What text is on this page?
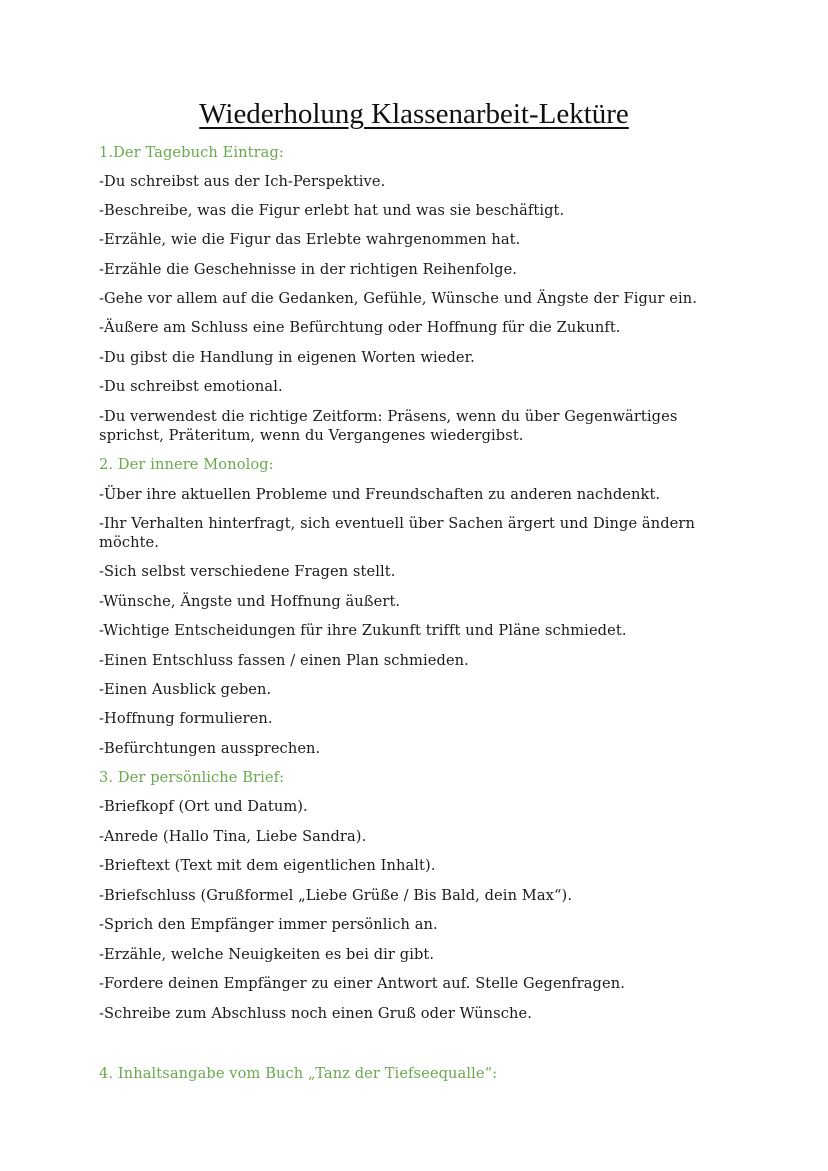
Wiederholung Klassenarbeit-Lektüre

1.Der Tagebuch Eintrag:

-Du schreibst aus der Ich-Perspektive.

-Beschreibe, was die Figur erlebt hat und was sie beschäftigt.

-Erzähle, wie die Figur das Erlebte wahrgenommen hat.

-Erzähle die Geschehnisse in der richtigen Reihenfolge.

-Gehe vor allem auf die Gedanken, Gefühle, Wünsche und Ängste der Figur ein.

-Äußere am Schluss eine Befürchtung oder Hoffnung für die Zukunft.

-Du gibst die Handlung in eigenen Worten wieder.

-Du schreibst emotional.

-Du verwendest die richtige Zeitform: Präsens, wenn du über Gegenwärtiges sprichst, Präteritum, wenn du Vergangenes wiedergibst.

2. Der innere Monolog:

-Über ihre aktuellen Probleme und Freundschaften zu anderen nachdenkt.

-Ihr Verhalten hinterfragt, sich eventuell über Sachen ärgert und Dinge ändern möchte.

-Sich selbst verschiedene Fragen stellt.

-Wünsche, Ängste und Hoffnung äußert.

-Wichtige Entscheidungen für ihre Zukunft trifft und Pläne schmiedet.

-Einen Entschluss fassen / einen Plan schmieden.

-Einen Ausblick geben.

-Hoffnung formulieren.

-Befürchtungen aussprechen.

3. Der persönliche Brief:

-Briefkopf (Ort und Datum).

-Anrede (Hallo Tina, Liebe Sandra).

-Brieftext (Text mit dem eigentlichen Inhalt).

-Briefschluss (Grußformel „Liebe Grüße / Bis Bald, dein Max“).

-Sprich den Empfänger immer persönlich an.

-Erzähle, welche Neuigkeiten es bei dir gibt.

-Fordere deinen Empfänger zu einer Antwort auf. Stelle Gegenfragen.

-Schreibe zum Abschluss noch einen Gruß oder Wünsche.

4. Inhaltsangabe vom Buch „Tanz der Tiefseequalle“:
